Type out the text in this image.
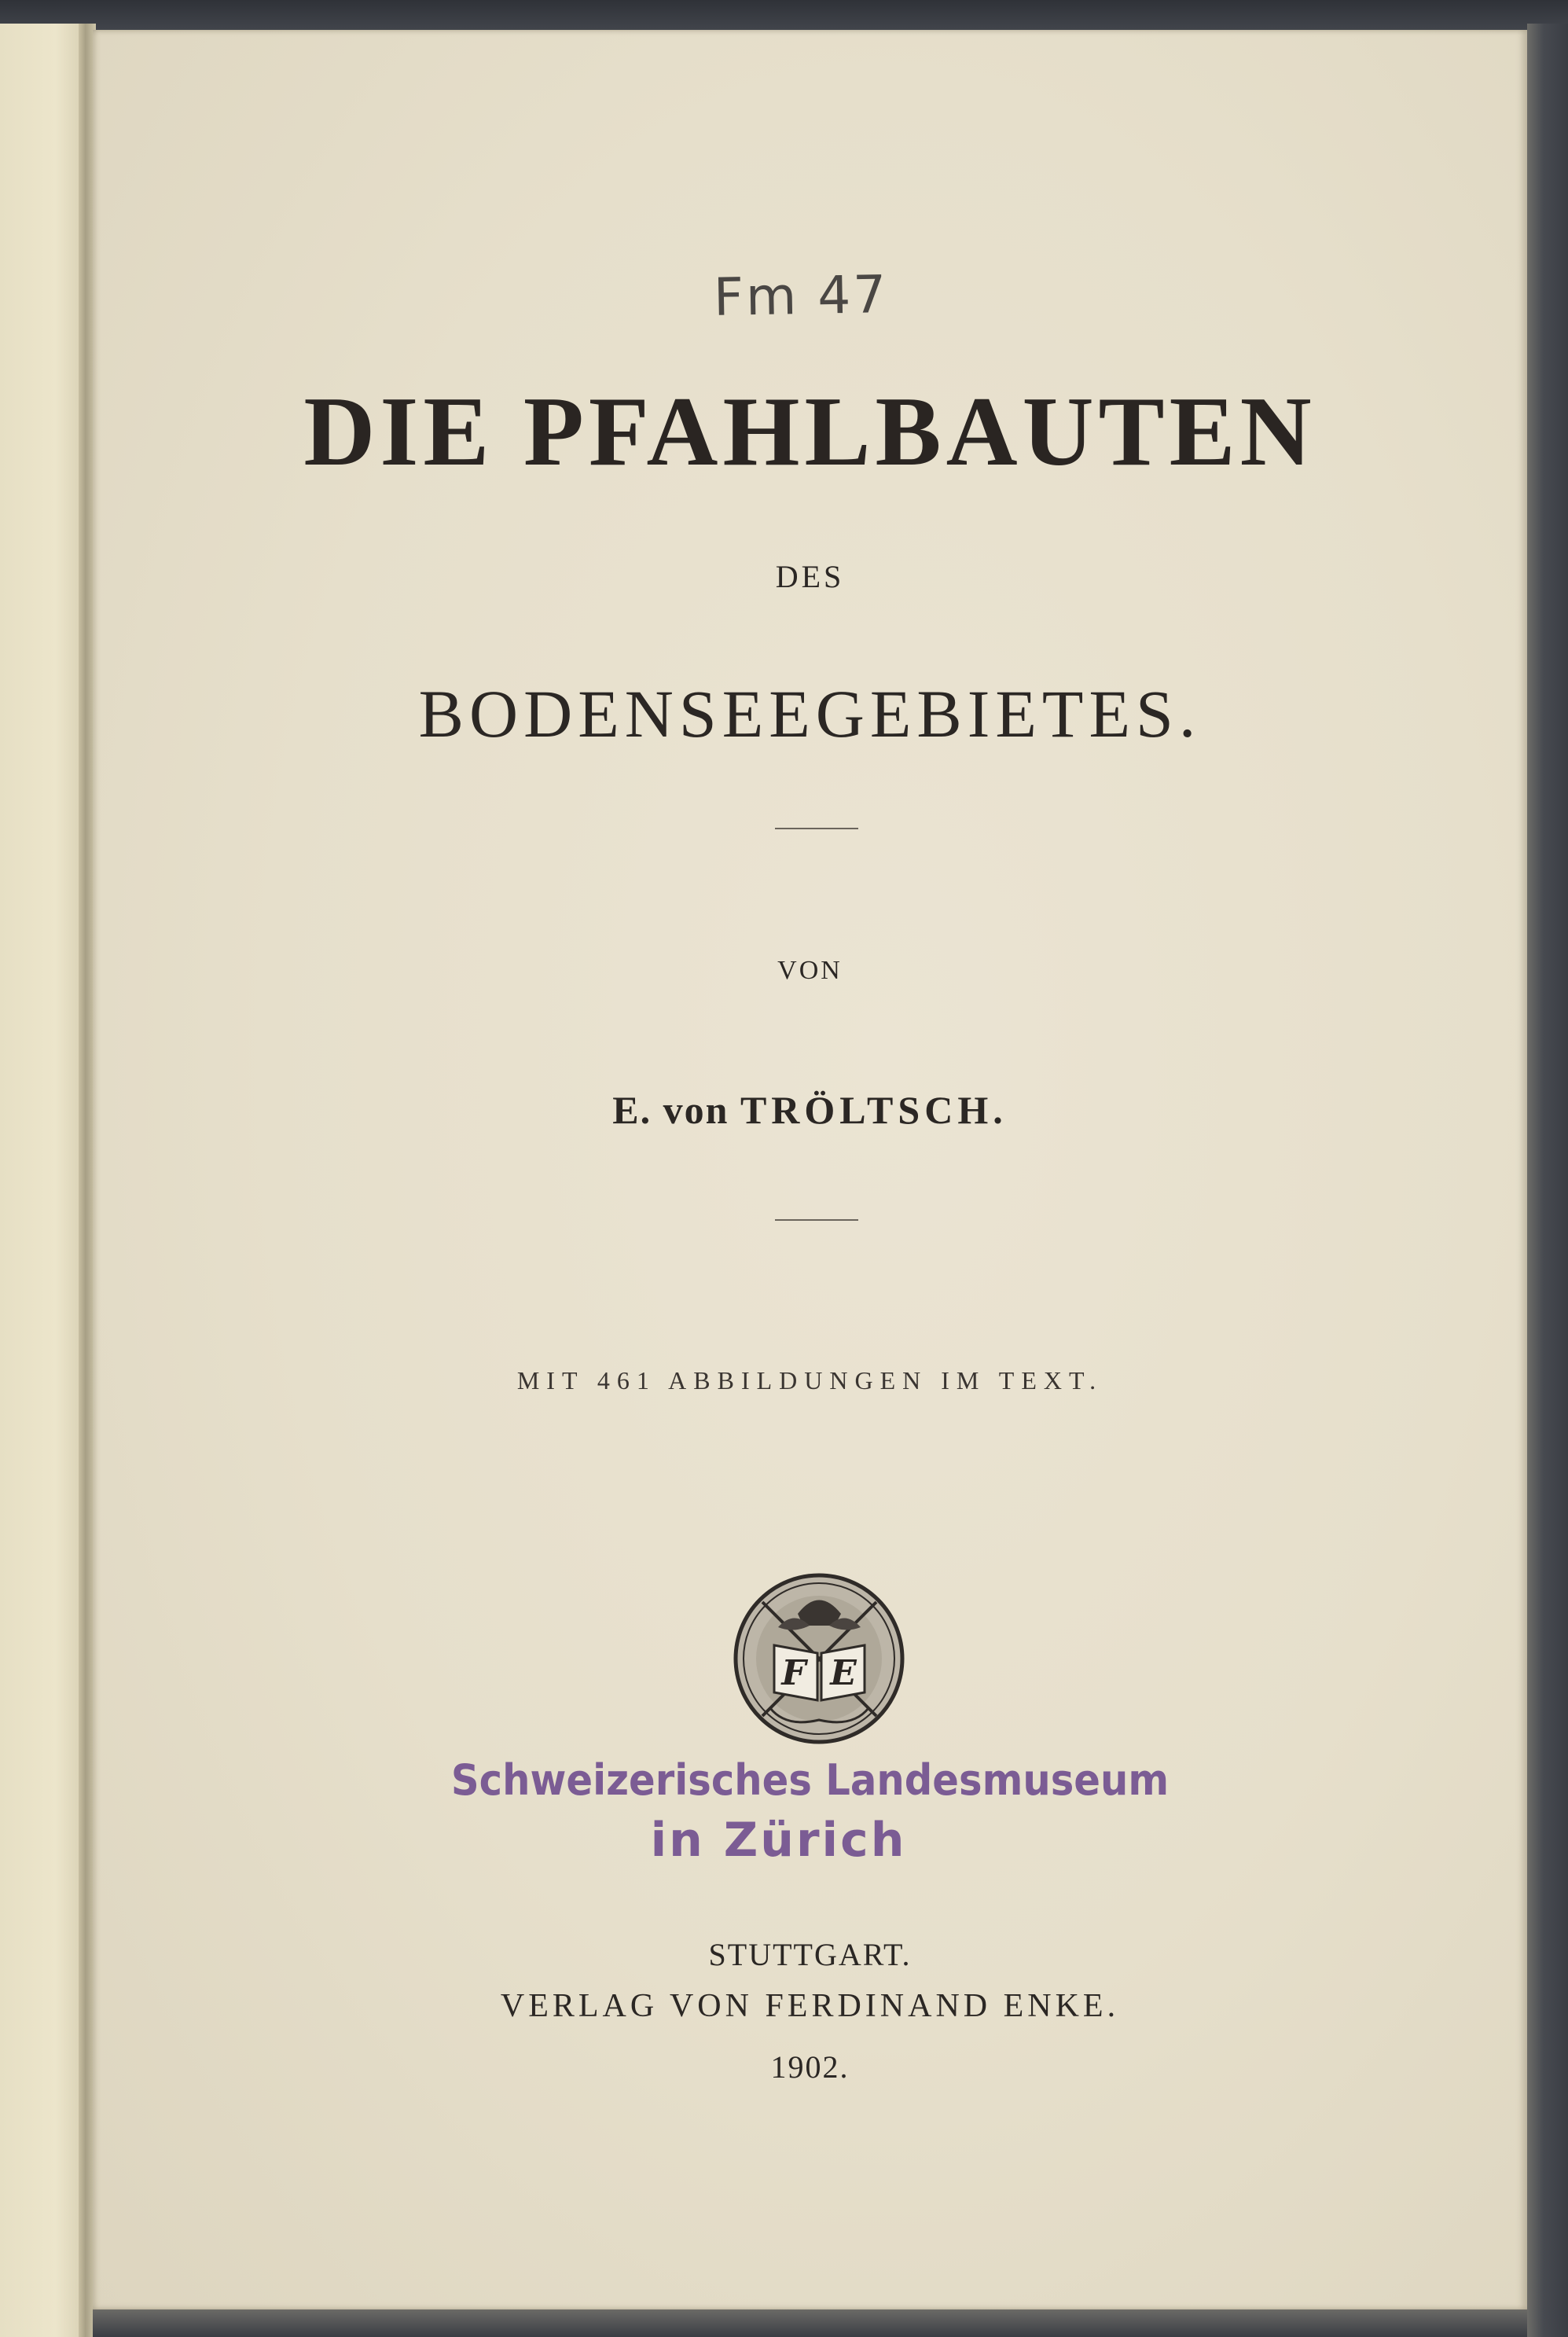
Fm 47
DIE PFAHLBAUTEN
DES
BODENSEEGEBIETES.
VON
E. von TRÖLTSCH.
MIT 461 ABBILDUNGEN IM TEXT.
F E
Schweizerisches Landesmuseum
in Zürich
STUTTGART.
VERLAG VON FERDINAND ENKE.
1902.
